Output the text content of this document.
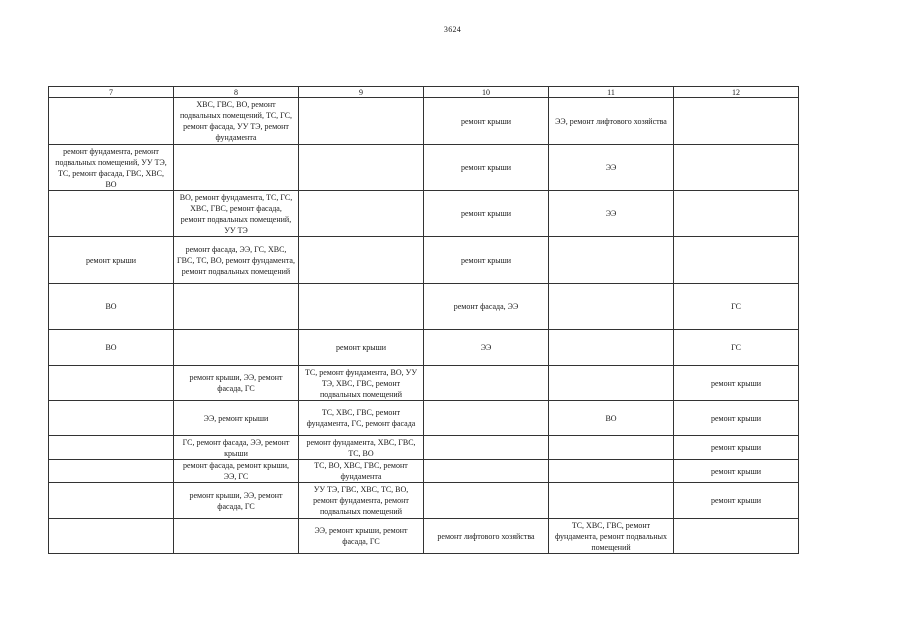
3624
7	8	9	10	11	12
	ХВС, ГВС, ВО, ремонт подвальных помещений, ТС, ГС, ремонт фасада, УУ ТЭ, ремонт фундамента		ремонт крыши	ЭЭ, ремонт лифтового хозяйства	
ремонт фундамента, ремонт подвальных помещений, УУ ТЭ, ТС, ремонт фасада, ГВС, ХВС, ВО			ремонт крыши	ЭЭ	
	ВО, ремонт фундамента, ТС, ГС, ХВС, ГВС, ремонт фасада, ремонт подвальных помещений, УУ ТЭ		ремонт крыши	ЭЭ	
ремонт крыши	ремонт фасада, ЭЭ, ГС, ХВС, ГВС, ТС, ВО, ремонт фундамента, ремонт подвальных помещений		ремонт крыши		
ВО			ремонт фасада, ЭЭ		ГС
ВО		ремонт крыши	ЭЭ		ГС
	ремонт крыши, ЭЭ, ремонт фасада, ГС	ТС, ремонт фундамента, ВО, УУ ТЭ, ХВС, ГВС, ремонт подвальных помещений			ремонт крыши
	ЭЭ, ремонт крыши	ТС, ХВС, ГВС, ремонт фундамента, ГС, ремонт фасада		ВО	ремонт крыши
	ГС, ремонт фасада, ЭЭ, ремонт крыши	ремонт фундамента, ХВС, ГВС, ТС, ВО			ремонт крыши
	ремонт фасада, ремонт крыши, ЭЭ, ГС	ТС, ВО, ХВС, ГВС, ремонт фундамента			ремонт крыши
	ремонт крыши, ЭЭ, ремонт фасада, ГС	УУ ТЭ, ГВС, ХВС, ТС, ВО, ремонт фундамента, ремонт подвальных помещений			ремонт крыши
		ЭЭ, ремонт крыши, ремонт фасада, ГС	ремонт лифтового хозяйства	ТС, ХВС, ГВС, ремонт фундамента, ремонт подвальных помещений	
